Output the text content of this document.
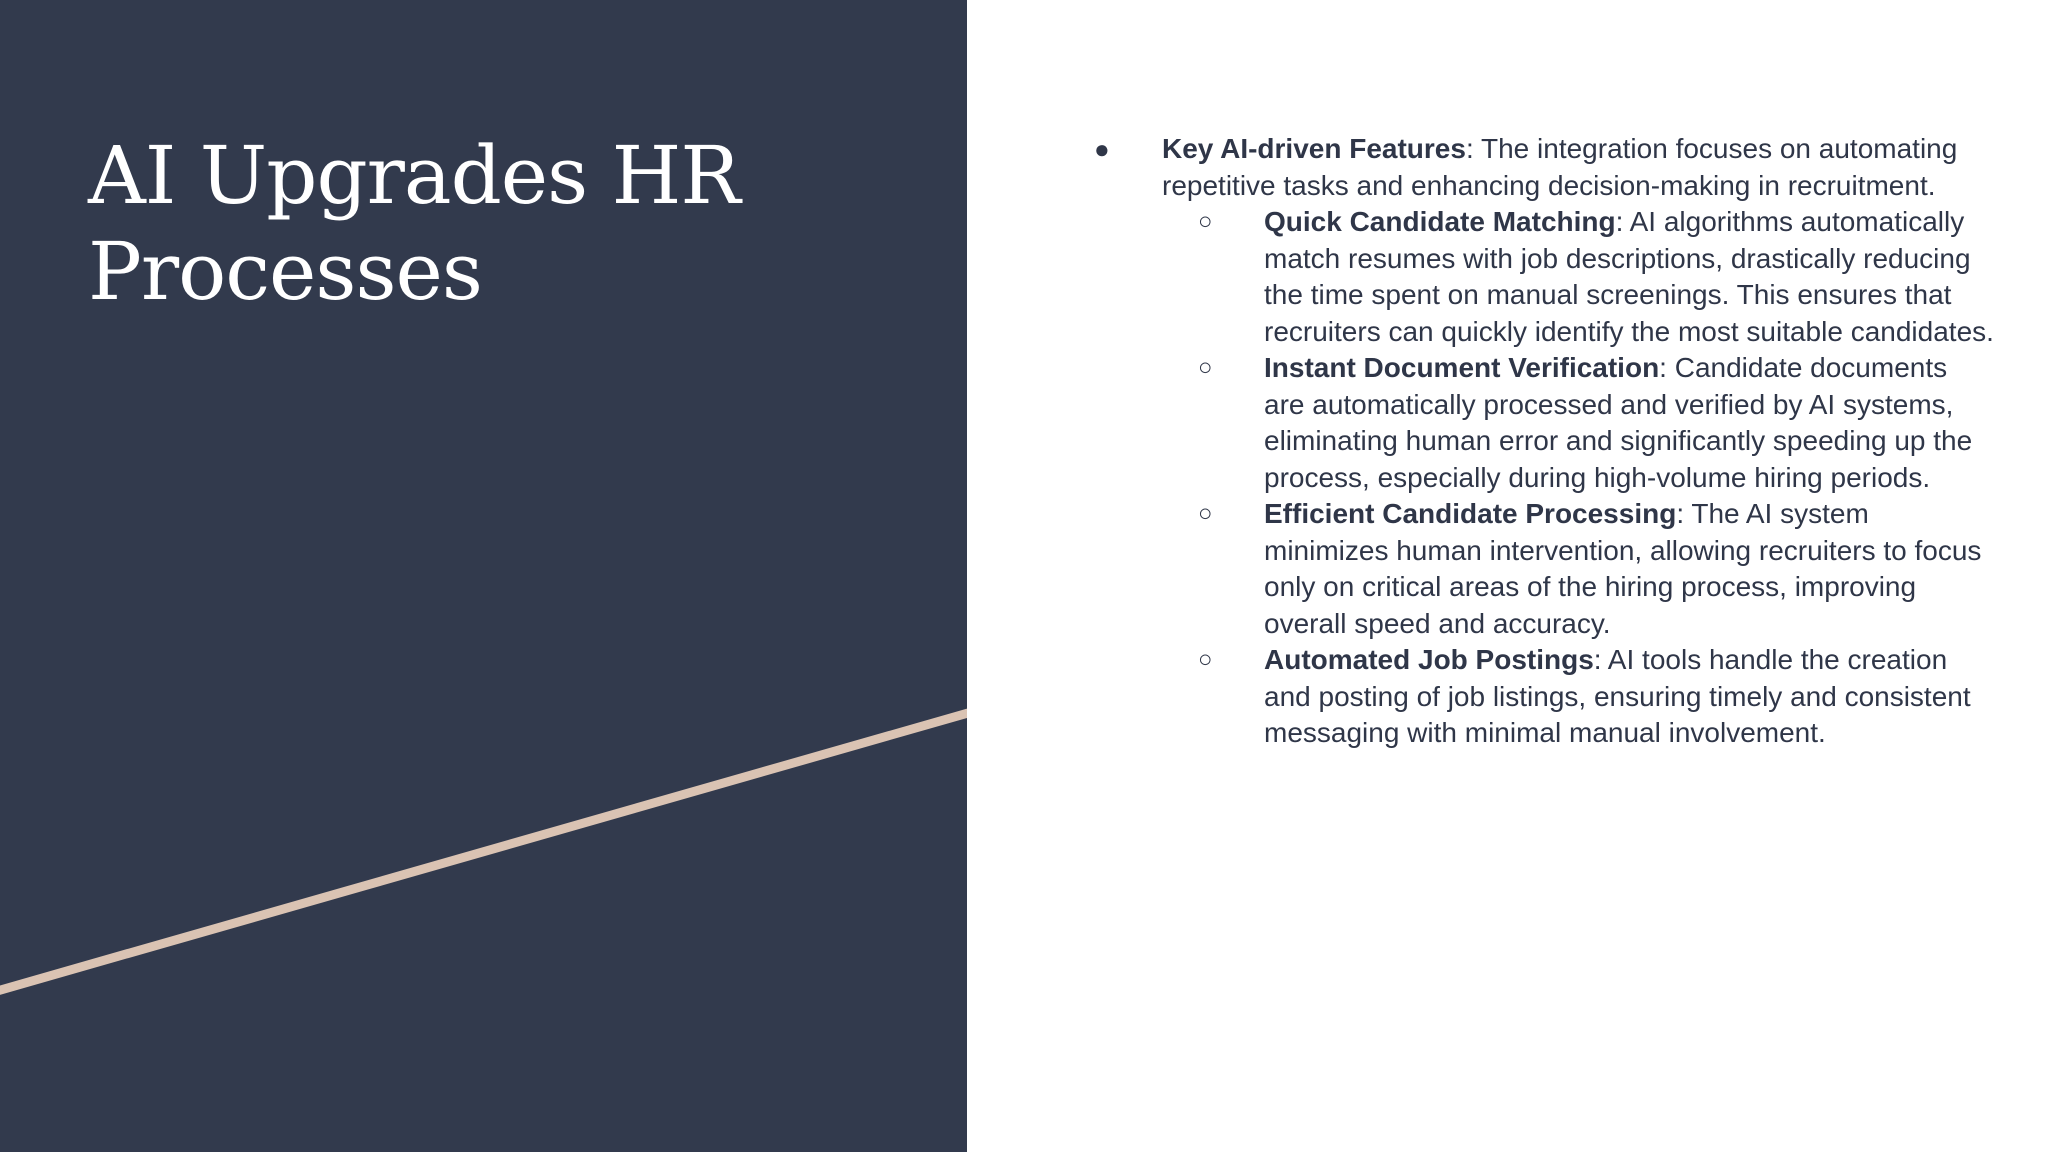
AI Upgrades HR Processes

● Key AI-driven Features: The integration focuses on automating repetitive tasks and enhancing decision-making in recruitment.

○ Quick Candidate Matching: AI algorithms automatically match resumes with job descriptions, drastically reducing the time spent on manual screenings. This ensures that recruiters can quickly identify the most suitable candidates.

○ Instant Document Verification: Candidate documents are automatically processed and verified by AI systems, eliminating human error and significantly speeding up the process, especially during high-volume hiring periods.

○ Efficient Candidate Processing: The AI system minimizes human intervention, allowing recruiters to focus only on critical areas of the hiring process, improving overall speed and accuracy.

○ Automated Job Postings: AI tools handle the creation and posting of job listings, ensuring timely and consistent messaging with minimal manual involvement.
